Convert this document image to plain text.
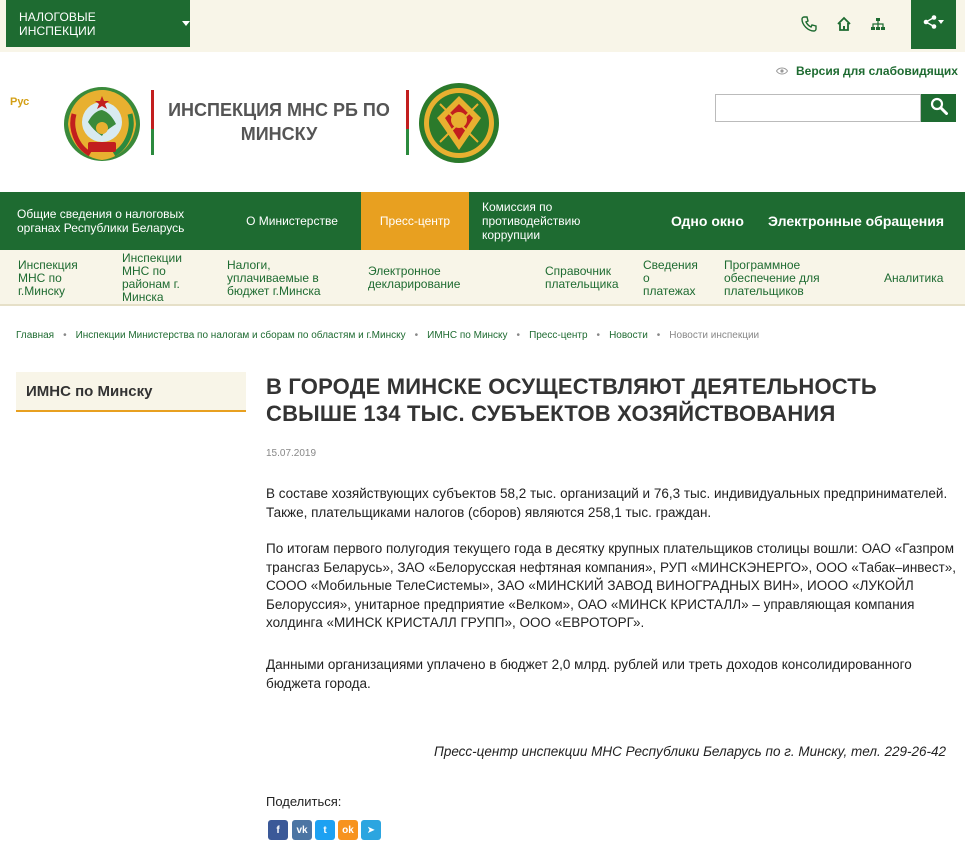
НАЛОГОВЫЕ ИНСПЕКЦИИ
Рус	ИНСПЕКЦИЯ МНС РБ ПО МИНСКУ
Версия для слабовидящих
Общие сведения о налоговых органах Республики Беларусь	О Министерстве	Пресс-центр
Комиссия по противодействию коррупции
Одно окно Электронные обращения
Инспекция МНС по г.Минску
Инспекции МНС по районам г. Минска
Налоги, уплачиваемые в бюджет г.Минска
Электронное декларирование
Справочник плательщика
Сведения о платежах
Программное обеспечение для плательщиков
Аналитика
Главная • Инспекции Министерства по налогам и сборам по областям и г.Минску • ИМНС по Минску • Пресс-центр • Новости • Новости инспекции
ИМНС по Минску	В ГОРОДЕ МИНСКЕ ОСУЩЕСТВЛЯЮТ ДЕЯТЕЛЬНОСТЬ СВЫШЕ 134 ТЫС. СУБЪЕКТОВ ХОЗЯЙСТВОВАНИЯ
15.07.2019

В составе хозяйствующих субъектов 58,2 тыс. организаций и 76,3 тыс. индивидуальных предпринимателей. Также, плательщиками налогов (сборов) являются 258,1 тыс. граждан.

По итогам первого полугодия текущего года в десятку крупных плательщиков столицы вошли: ОАО «Газпром трансгаз Беларусь», ЗАО «Белорусская нефтяная компания», РУП «МИНСКЭНЕРГО», ООО «Табак–инвест», СООО «Мобильные ТелеСистемы», ЗАО «МИНСКИЙ ЗАВОД ВИНОГРАДНЫХ ВИН», ИООО «ЛУКОЙЛ Белоруссия», унитарное предприятие «Велком», ОАО «МИНСК КРИСТАЛЛ» – управляющая компания холдинга «МИНСК КРИСТАЛЛ ГРУПП», ООО «ЕВРОТОРГ».

Данными организациями уплачено в бюджет 2,0 млрд. рублей или треть доходов консолидированного бюджета города.

Пресс-центр инспекции МНС Республики Беларусь по г. Минску, тел. 229-26-42
Поделиться:
f vk t ok ➤
